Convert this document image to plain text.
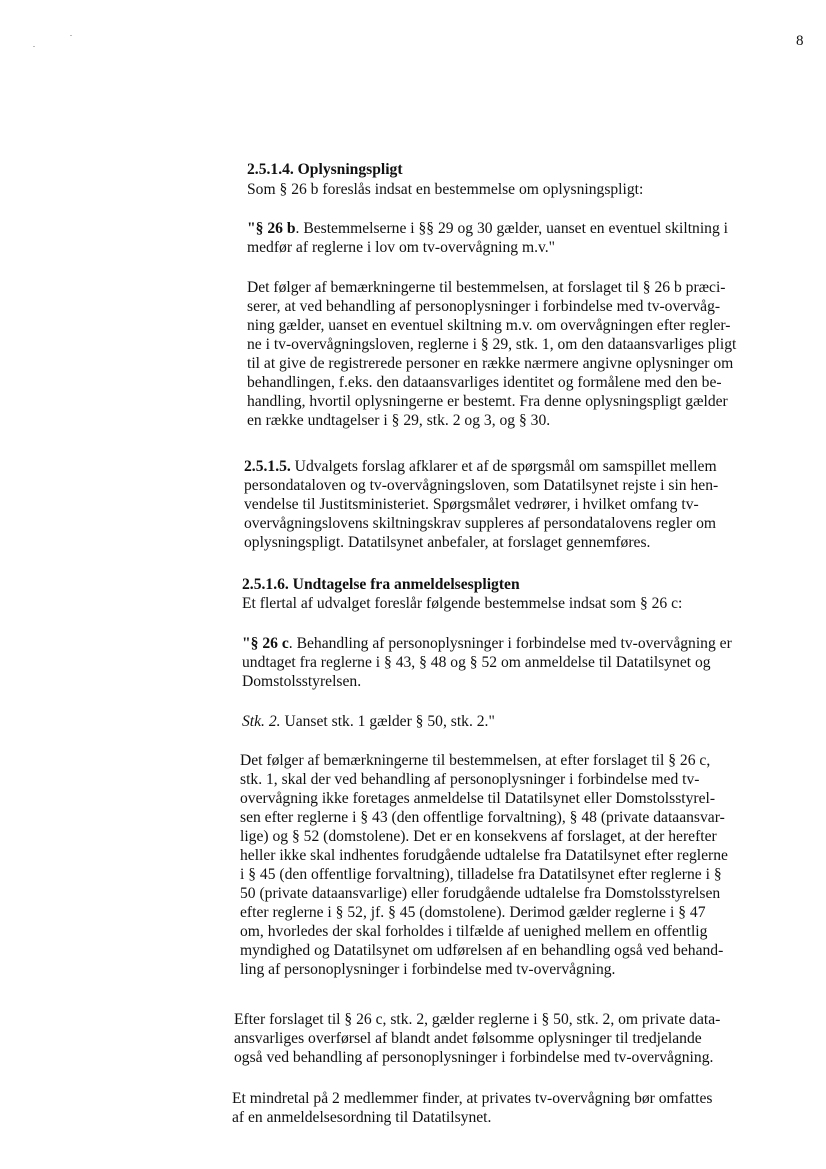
8
2.5.1.4. Oplysningspligt
Som § 26 b foreslås indsat en bestemmelse om oplysningspligt:
"§ 26 b. Bestemmelserne i §§ 29 og 30 gælder, uanset en eventuel skiltning i
medfør af reglerne i lov om tv-overvågning m.v."
Det følger af bemærkningerne til bestemmelsen, at forslaget til § 26 b præci-
serer, at ved behandling af personoplysninger i forbindelse med tv-overvåg-
ning gælder, uanset en eventuel skiltning m.v. om overvågningen efter regler-
ne i tv-overvågningsloven, reglerne i § 29, stk. 1, om den dataansvarliges pligt
til at give de registrerede personer en række nærmere angivne oplysninger om
behandlingen, f.eks. den dataansvarliges identitet og formålene med den be-
handling, hvortil oplysningerne er bestemt. Fra denne oplysningspligt gælder
en række undtagelser i § 29, stk. 2 og 3, og § 30.
2.5.1.5. Udvalgets forslag afklarer et af de spørgsmål om samspillet mellem
persondataloven og tv-overvågningsloven, som Datatilsynet rejste i sin hen-
vendelse til Justitsministeriet. Spørgsmålet vedrører, i hvilket omfang tv-
overvågningslovens skiltningskrav suppleres af persondatalovens regler om
oplysningspligt. Datatilsynet anbefaler, at forslaget gennemføres.
2.5.1.6. Undtagelse fra anmeldelsespligten
Et flertal af udvalget foreslår følgende bestemmelse indsat som § 26 c:
"§ 26 c. Behandling af personoplysninger i forbindelse med tv-overvågning er
undtaget fra reglerne i § 43, § 48 og § 52 om anmeldelse til Datatilsynet og
Domstolsstyrelsen.
Stk. 2. Uanset stk. 1 gælder § 50, stk. 2."
Det følger af bemærkningerne til bestemmelsen, at efter forslaget til § 26 c,
stk. 1, skal der ved behandling af personoplysninger i forbindelse med tv-
overvågning ikke foretages anmeldelse til Datatilsynet eller Domstolsstyrel-
sen efter reglerne i § 43 (den offentlige forvaltning), § 48 (private dataansvar-
lige) og § 52 (domstolene). Det er en konsekvens af forslaget, at der herefter
heller ikke skal indhentes forudgående udtalelse fra Datatilsynet efter reglerne
i § 45 (den offentlige forvaltning), tilladelse fra Datatilsynet efter reglerne i §
50 (private dataansvarlige) eller forudgående udtalelse fra Domstolsstyrelsen
efter reglerne i § 52, jf. § 45 (domstolene). Derimod gælder reglerne i § 47
om, hvorledes der skal forholdes i tilfælde af uenighed mellem en offentlig
myndighed og Datatilsynet om udførelsen af en behandling også ved behand-
ling af personoplysninger i forbindelse med tv-overvågning.
Efter forslaget til § 26 c, stk. 2, gælder reglerne i § 50, stk. 2, om private data-
ansvarliges overførsel af blandt andet følsomme oplysninger til tredjelande
også ved behandling af personoplysninger i forbindelse med tv-overvågning.
Et mindretal på 2 medlemmer finder, at privates tv-overvågning bør omfattes
af en anmeldelsesordning til Datatilsynet.
